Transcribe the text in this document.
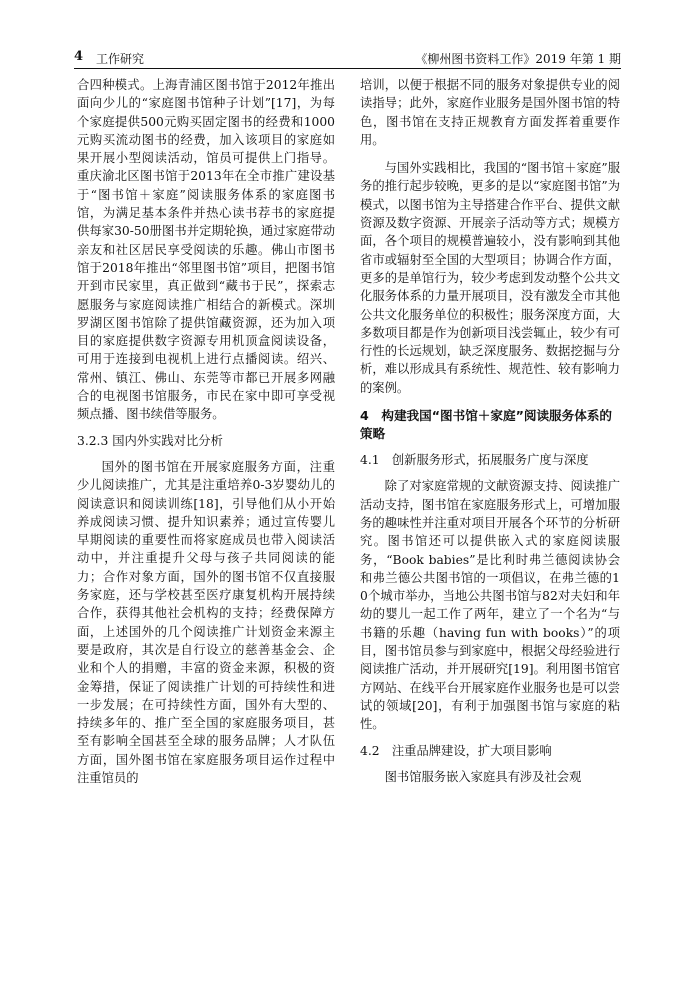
4 工作研究	《柳州图书资料工作》2019 年第 1 期

合四种模式。上海青浦区图书馆于2012年推出面向少儿的“家庭图书馆种子计划”[17]，为每个家庭提供500元购买固定图书的经费和1000元购买流动图书的经费，加入该项目的家庭如果开展小型阅读活动，馆员可提供上门指导。重庆渝北区图书馆于2013年在全市推广建设基于“图书馆＋家庭”阅读服务体系的家庭图书馆，为满足基本条件并热心读书荐书的家庭提供每家30-50册图书并定期轮换，通过家庭带动亲友和社区居民享受阅读的乐趣。佛山市图书馆于2018年推出“邻里图书馆”项目，把图书馆开到市民家里，真正做到“藏书于民”，探索志愿服务与家庭阅读推广相结合的新模式。深圳罗湖区图书馆除了提供馆藏资源，还为加入项目的家庭提供数字资源专用机顶盒阅读设备，可用于连接到电视机上进行点播阅读。绍兴、常州、镇江、佛山、东莞等市都已开展多网融合的电视图书馆服务，市民在家中即可享受视频点播、图书续借等服务。

3.2.3 国内外实践对比分析

国外的图书馆在开展家庭服务方面，注重少儿阅读推广，尤其是注重培养0-3岁婴幼儿的阅读意识和阅读训练[18]，引导他们从小开始养成阅读习惯、提升知识素养；通过宣传婴儿早期阅读的重要性而将家庭成员也带入阅读活动中，并注重提升父母与孩子共同阅读的能力；合作对象方面，国外的图书馆不仅直接服务家庭，还与学校甚至医疗康复机构开展持续合作，获得其他社会机构的支持；经费保障方面，上述国外的几个阅读推广计划资金来源主要是政府，其次是自行设立的慈善基金会、企业和个人的捐赠，丰富的资金来源，积极的资金筹措，保证了阅读推广计划的可持续性和进一步发展；在可持续性方面，国外有大型的、持续多年的、推广至全国的家庭服务项目，甚至有影响全国甚至全球的服务品牌；人才队伍方面，国外图书馆在家庭服务项目运作过程中注重馆员的

培训，以便于根据不同的服务对象提供专业的阅读指导；此外，家庭作业服务是国外图书馆的特色，图书馆在支持正规教育方面发挥着重要作用。

与国外实践相比，我国的“图书馆＋家庭”服务的推行起步较晚，更多的是以“家庭图书馆”为模式，以图书馆为主导搭建合作平台、提供文献资源及数字资源、开展亲子活动等方式；规模方面，各个项目的规模普遍较小，没有影响到其他省市或辐射至全国的大型项目；协调合作方面，更多的是单馆行为，较少考虑到发动整个公共文化服务体系的力量开展项目，没有激发全市其他公共文化服务单位的积极性；服务深度方面，大多数项目都是作为创新项目浅尝辄止，较少有可行性的长远规划，缺乏深度服务、数据挖掘与分析，难以形成具有系统性、规范性、较有影响力的案例。

4　构建我国“图书馆＋家庭”阅读服务体系的策略
4.1　创新服务形式，拓展服务广度与深度

除了对家庭常规的文献资源支持、阅读推广活动支持，图书馆在家庭服务形式上，可增加服务的趣味性并注重对项目开展各个环节的分析研究。图书馆还可以提供嵌入式的家庭阅读服务，“Book babies”是比利时弗兰德阅读协会和弗兰德公共图书馆的一项倡议，在弗兰德的10个城市举办，当地公共图书馆与82对夫妇和年幼的婴儿一起工作了两年，建立了一个名为“与书籍的乐趣（having fun with books）”的项目，图书馆员参与到家庭中，根据父母经验进行阅读推广活动，并开展研究[19]。利用图书馆官方网站、在线平台开展家庭作业服务也是可以尝试的领域[20]，有利于加强图书馆与家庭的粘性。

4.2　注重品牌建设，扩大项目影响

图书馆服务嵌入家庭具有涉及社会观
